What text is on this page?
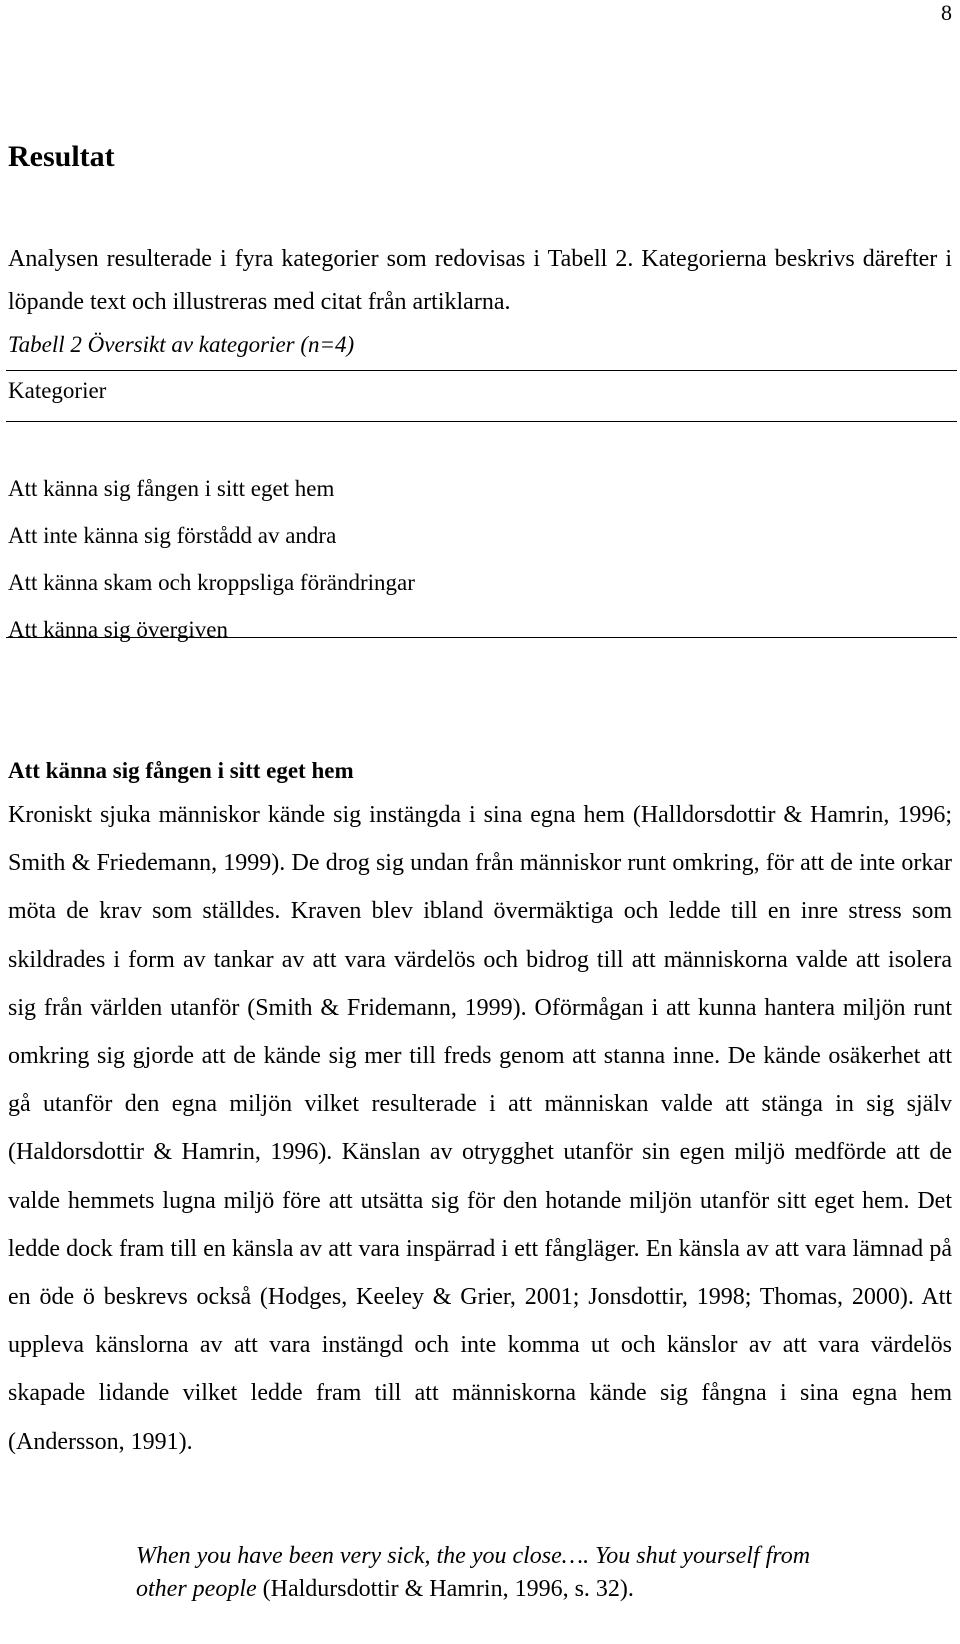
8
Resultat

Analysen resulterade i fyra kategorier som redovisas i Tabell 2. Kategorierna beskrivs därefter i löpande text och illustreras med citat från artiklarna.

Tabell 2 Översikt av kategorier (n=4)
Kategorier
Att känna sig fången i sitt eget hem
Att inte känna sig förstådd av andra
Att känna skam och kroppsliga förändringar
Att känna sig övergiven
Att känna sig fången i sitt eget hem

Kroniskt sjuka människor kände sig instängda i sina egna hem (Halldorsdottir & Hamrin, 1996; Smith & Friedemann, 1999). De drog sig undan från människor runt omkring, för att de inte orkar möta de krav som ställdes. Kraven blev ibland övermäktiga och ledde till en inre stress som skildrades i form av tankar av att vara värdelös och bidrog till att människorna valde att isolera sig från världen utanför (Smith & Fridemann, 1999). Oförmågan i att kunna hantera miljön runt omkring sig gjorde att de kände sig mer till freds genom att stanna inne. De kände osäkerhet att gå utanför den egna miljön vilket resulterade i att människan valde att stänga in sig själv (Haldorsdottir & Hamrin, 1996). Känslan av otrygghet utanför sin egen miljö medförde att de valde hemmets lugna miljö före att utsätta sig för den hotande miljön utanför sitt eget hem. Det ledde dock fram till en känsla av att vara inspärrad i ett fångläger. En känsla av att vara lämnad på en öde ö beskrevs också (Hodges, Keeley & Grier, 2001; Jonsdottir, 1998; Thomas, 2000). Att uppleva känslorna av att vara instängd och inte komma ut och känslor av att vara värdelös skapade lidande vilket ledde fram till att människorna kände sig fångna i sina egna hem (Andersson, 1991).

When you have been very sick, the you close…. You shut yourself from other people (Haldursdottir & Hamrin, 1996, s. 32).
